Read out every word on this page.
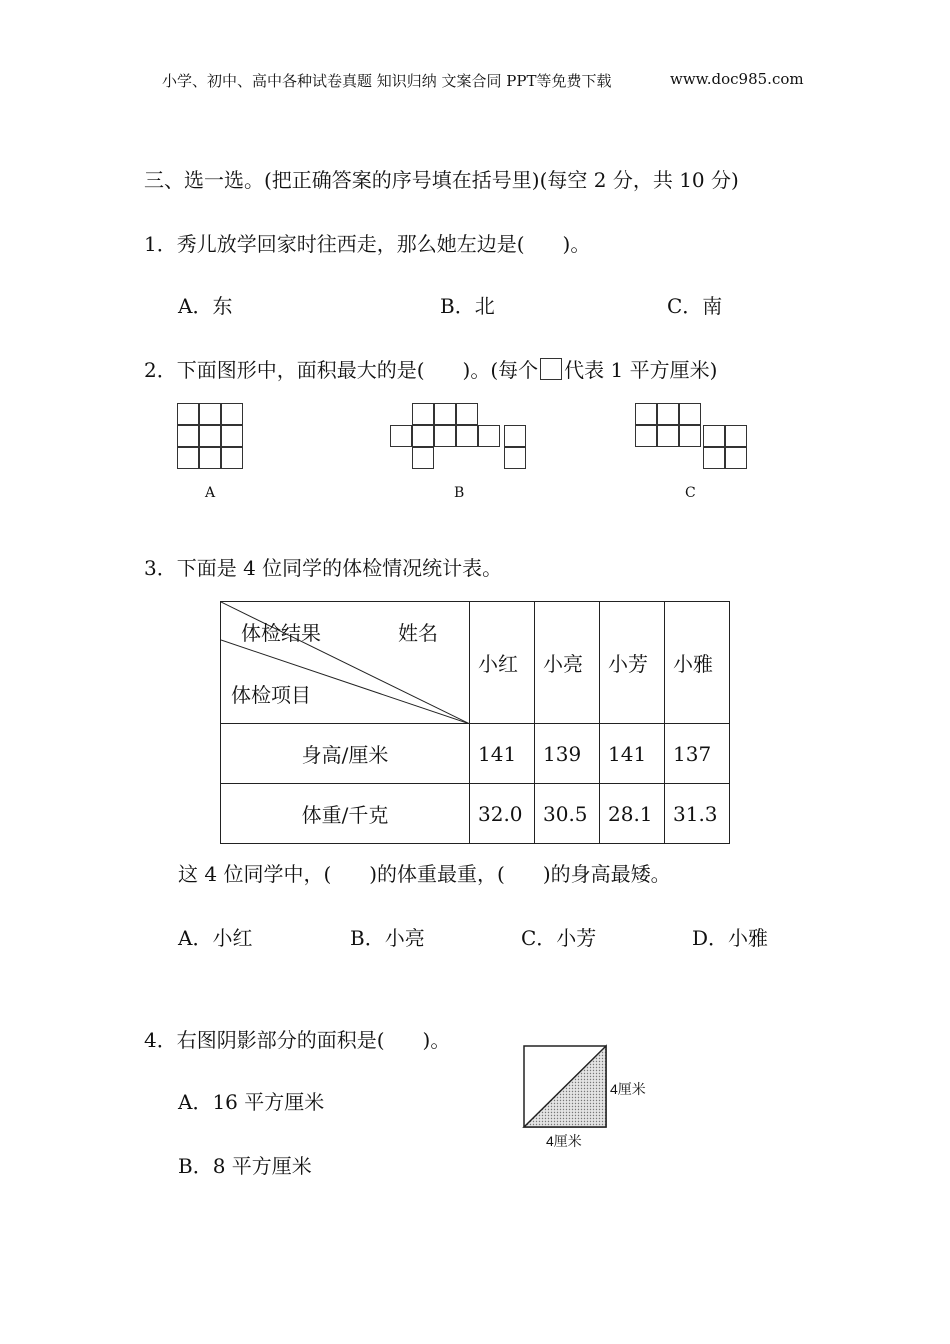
小学、初中、高中各种试卷真题 知识归纳 文案合同 PPT等免费下载	www.doc985.com
三、选一选。(把正确答案的序号填在括号里)(每空 2 分，共 10 分)
1．秀儿放学回家时往西走，那么她左边是( )。
A．东	B．北	C．南
2．下面图形中，面积最大的是( )。(每个 代表 1 平方厘米)
A	B	C
3．下面是 4 位同学的体检情况统计表。
体检结果 姓名
体检项目	小红	小亮	小芳	小雅
身高/厘米	141	139	141	137
体重/千克	32.0	30.5	28.1	31.3
这 4 位同学中，( )的体重最重，( )的身高最矮。
A．小红	B．小亮	C．小芳	D．小雅
4．右图阴影部分的面积是( )。
A．16 平方厘米
B．8 平方厘米
4厘米
4厘米
